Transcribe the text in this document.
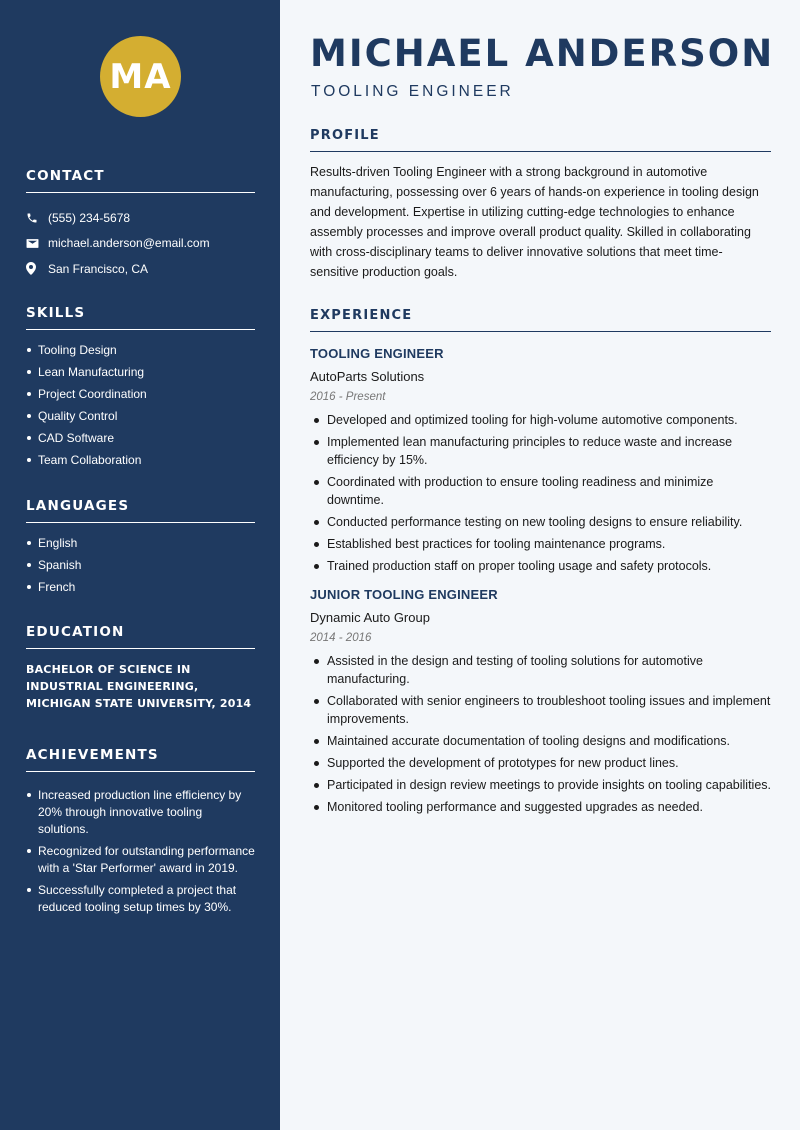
MA
CONTACT
(555) 234-5678
michael.anderson@email.com
San Francisco, CA
SKILLS
Tooling Design
Lean Manufacturing
Project Coordination
Quality Control
CAD Software
Team Collaboration
LANGUAGES
English
Spanish
French
EDUCATION
BACHELOR OF SCIENCE IN INDUSTRIAL ENGINEERING, MICHIGAN STATE UNIVERSITY, 2014
ACHIEVEMENTS
Increased production line efficiency by 20% through innovative tooling solutions.
Recognized for outstanding performance with a 'Star Performer' award in 2019.
Successfully completed a project that reduced tooling setup times by 30%.
MICHAEL ANDERSON
TOOLING ENGINEER
PROFILE
Results-driven Tooling Engineer with a strong background in automotive manufacturing, possessing over 6 years of hands-on experience in tooling design and development. Expertise in utilizing cutting-edge technologies to enhance assembly processes and improve overall product quality. Skilled in collaborating with cross-disciplinary teams to deliver innovative solutions that meet time-sensitive production goals.
EXPERIENCE
TOOLING ENGINEER
AutoParts Solutions
2016 - Present
Developed and optimized tooling for high-volume automotive components.
Implemented lean manufacturing principles to reduce waste and increase efficiency by 15%.
Coordinated with production to ensure tooling readiness and minimize downtime.
Conducted performance testing on new tooling designs to ensure reliability.
Established best practices for tooling maintenance programs.
Trained production staff on proper tooling usage and safety protocols.
JUNIOR TOOLING ENGINEER
Dynamic Auto Group
2014 - 2016
Assisted in the design and testing of tooling solutions for automotive manufacturing.
Collaborated with senior engineers to troubleshoot tooling issues and implement improvements.
Maintained accurate documentation of tooling designs and modifications.
Supported the development of prototypes for new product lines.
Participated in design review meetings to provide insights on tooling capabilities.
Monitored tooling performance and suggested upgrades as needed.
